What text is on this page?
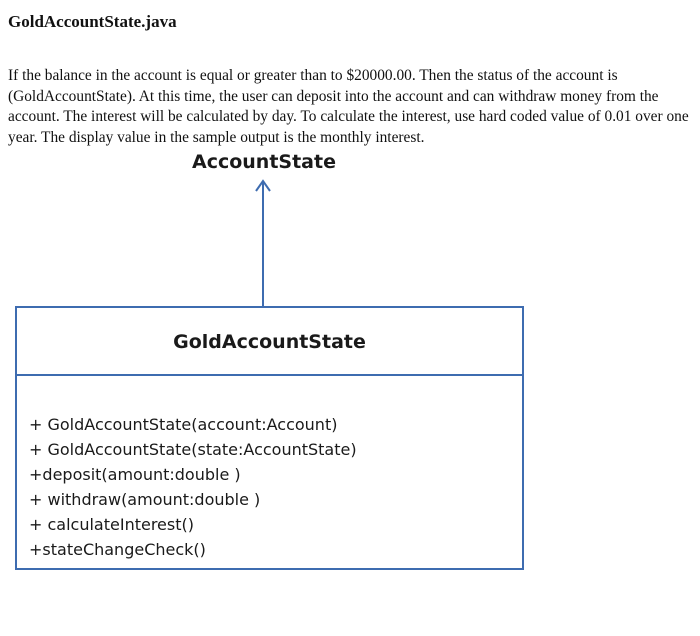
GoldAccountState.java

If the balance in the account is equal or greater than to $20000.00. Then the status of the account is (GoldAccountState). At this time, the user can deposit into the account and can withdraw money from the account. The interest will be calculated by day. To calculate the interest, use hard coded value of 0.01 over one year. The display value in the sample output is the monthly interest.

AccountState
GoldAccountState
+ GoldAccountState(account:Account)
+ GoldAccountState(state:AccountState)
+deposit(amount:double )
+ withdraw(amount:double )
+ calculateInterest()
+stateChangeCheck()
